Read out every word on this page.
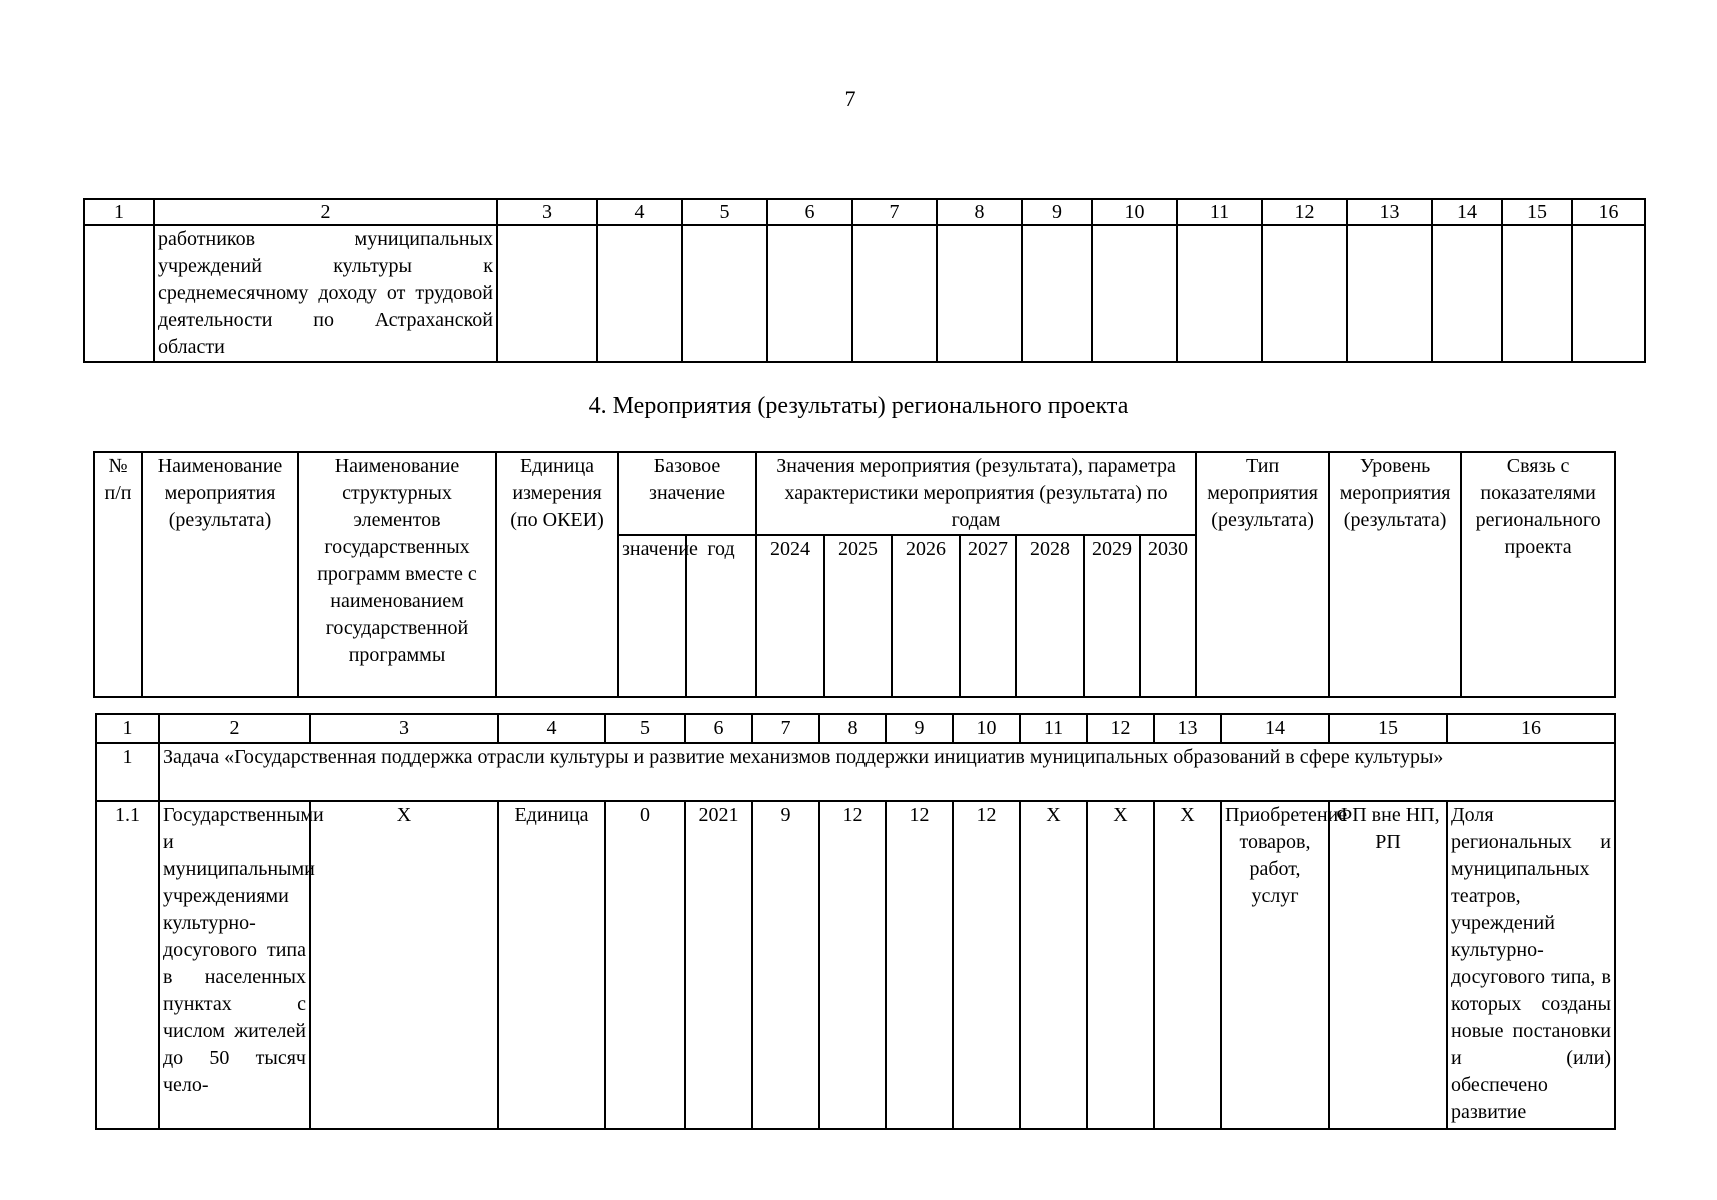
7
1	2	3	4	5	6	7	8	9	10	11	12	13	14	15	16
	работников муниципальных учреждений культуры к среднемесячному доходу от трудовой деятельности по Астраханской области														
4. Мероприятия (результаты) регионального проекта
№ п/п	Наименование мероприятия (результата)	Наименование структурных элементов государственных программ вместе с наименованием государственной программы	Единица измерения (по ОКЕИ)	Базовое значение		Значения мероприятия (результата), параметра характеристики мероприятия (результата) по годам							Тип мероприятия (результата)	Уровень мероприятия (результата)	Связь с показателями регионального проекта
				значение	год	2024	2025	2026	2027	2028	2029	2030			
1	2	3	4	5	6	7	8	9	10	11	12	13	14	15	16
1	Задача «Государственная поддержка отрасли культуры и развитие механизмов поддержки инициатив муниципальных образований в сфере культуры»														
1.1	Государственными и муниципальными учреждениями культурно-досугового типа в населенных пунктах с числом жителей до 50 тысяч чело-	X	Единица	0	2021	9	12	12	12	X	X	X	Приобретение товаров, работ, услуг	ФП вне НП, РП	Доля региональных и муниципальных театров, учреждений культурно-досугового типа, в которых созданы новые постановки и (или) обеспечено развитие
